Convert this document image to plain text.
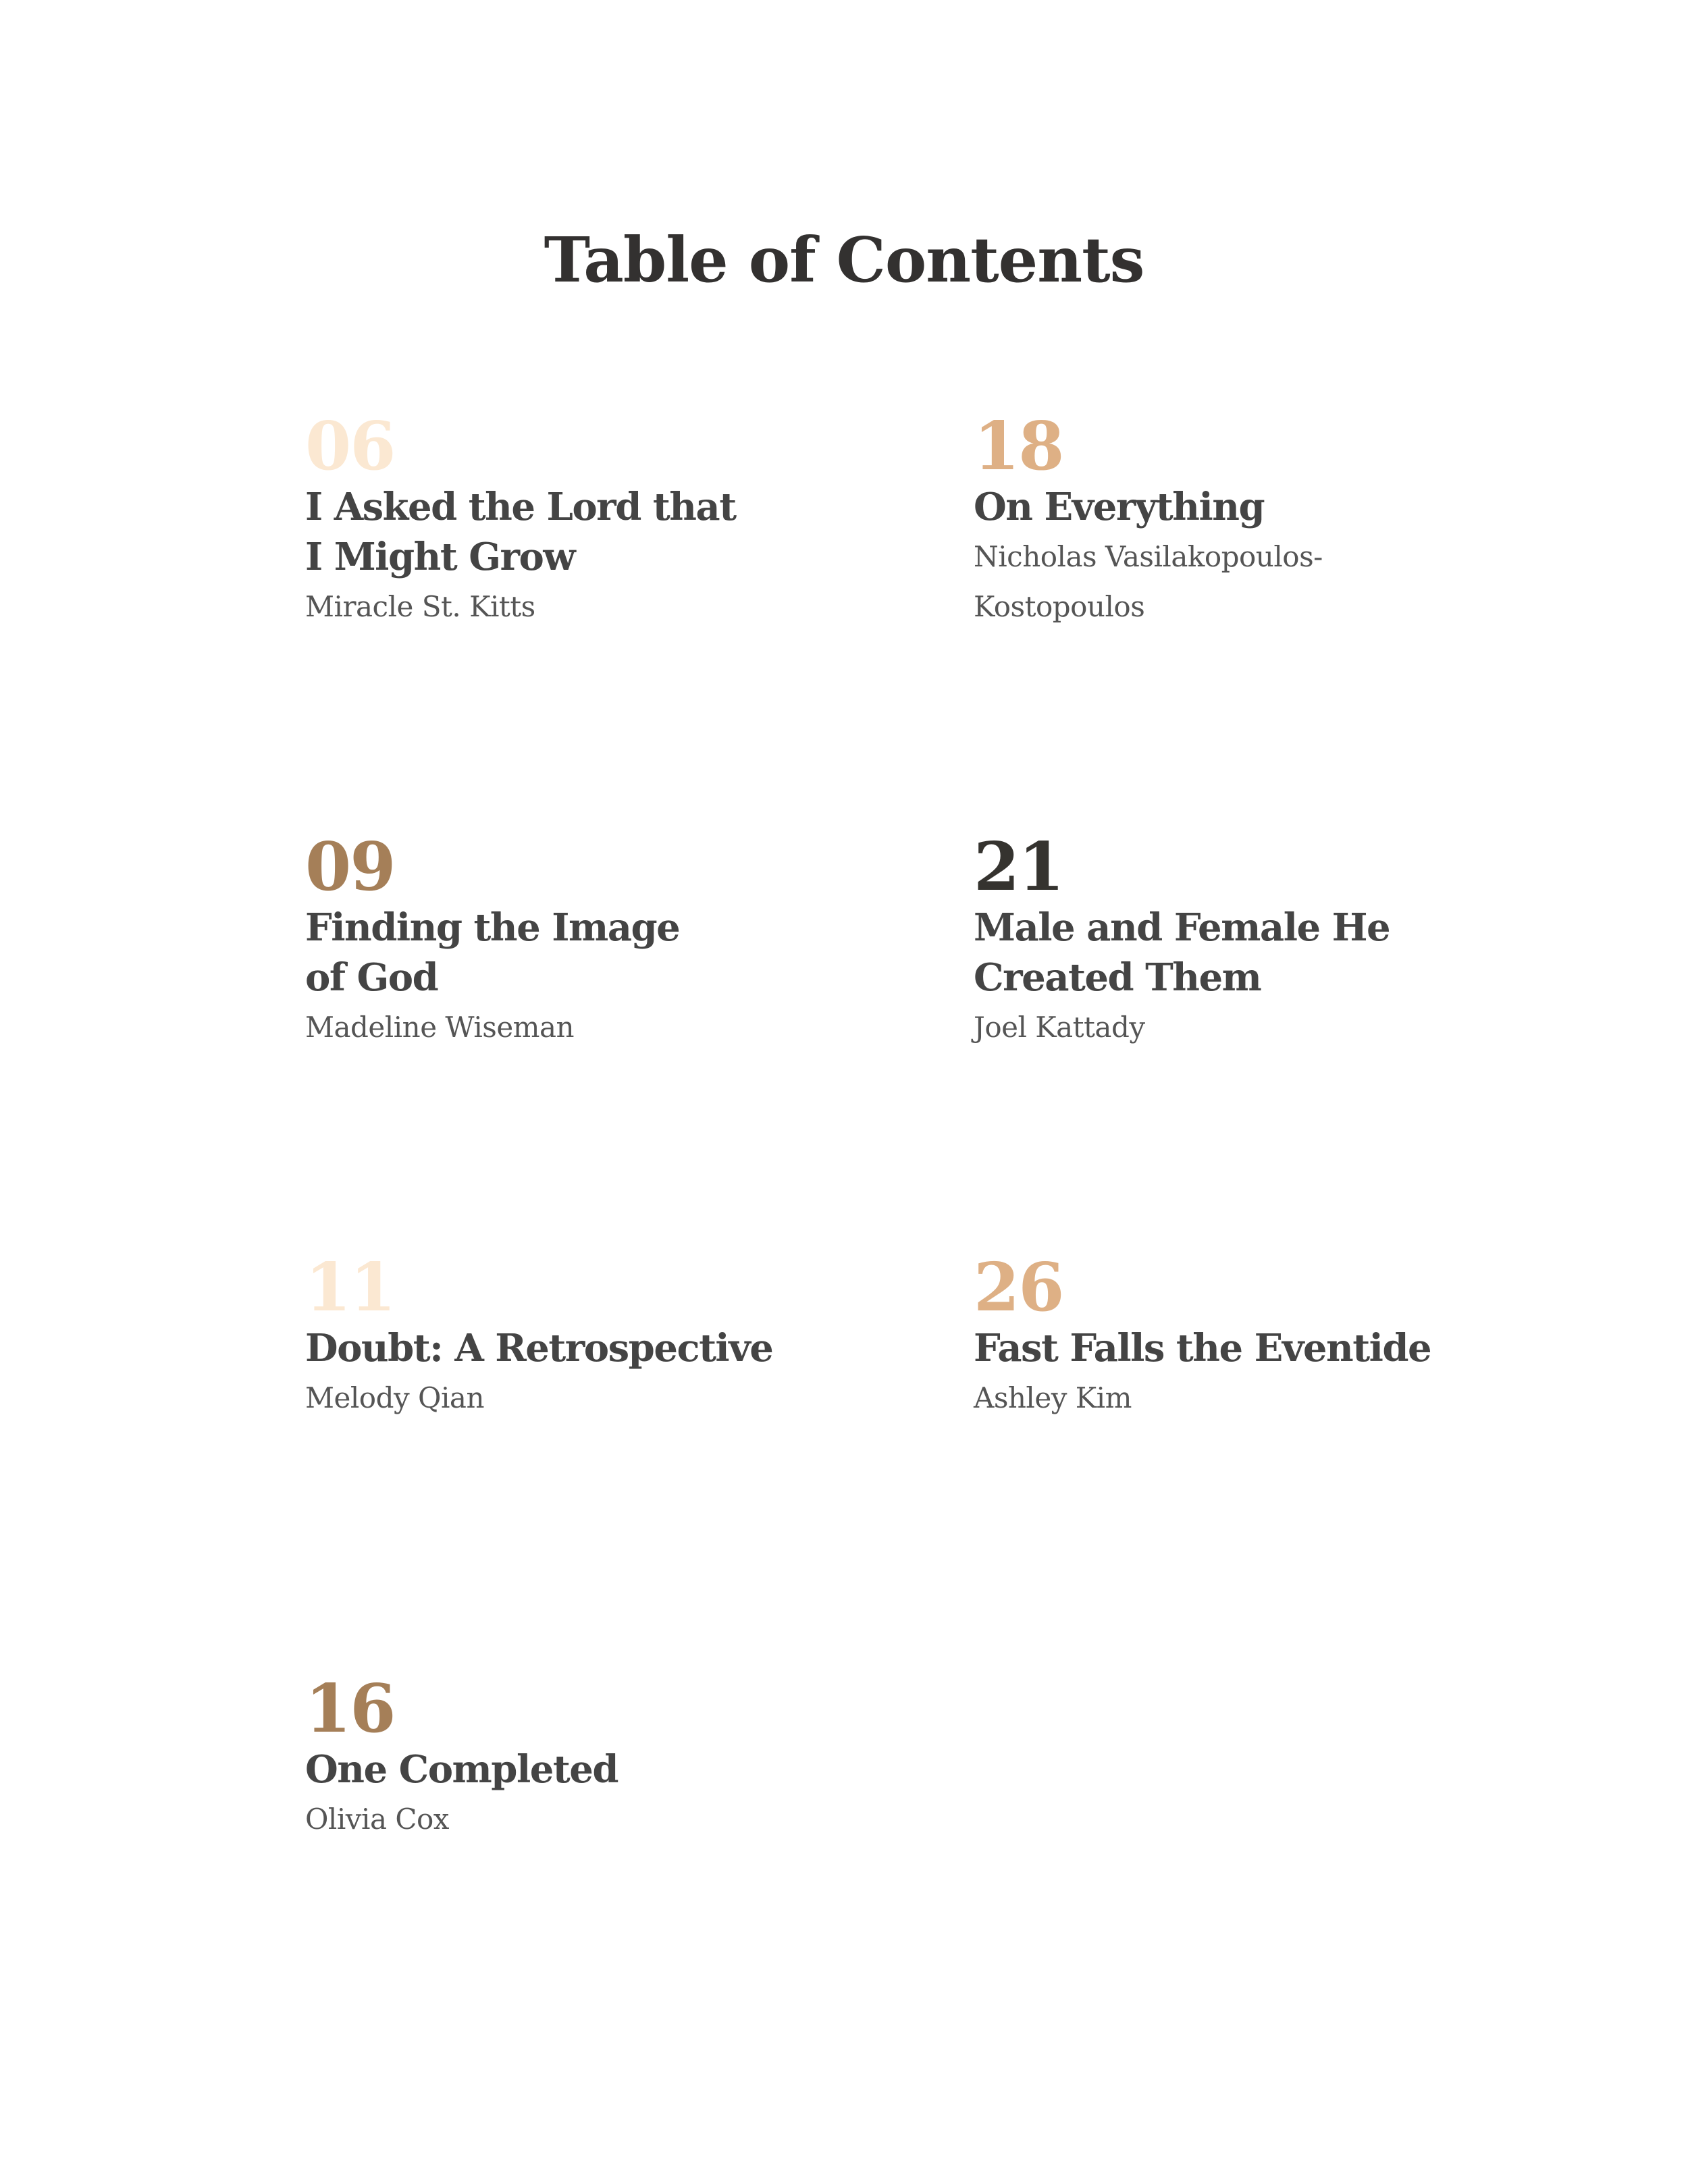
Table of Contents
06
I Asked the Lord that
I Might Grow
Miracle St. Kitts
18
On Everything
Nicholas Vasilakopoulos-
Kostopoulos
09
Finding the Image
of God
Madeline Wiseman
21
Male and Female He
Created Them
Joel Kattady
11
Doubt: A Retrospective
Melody Qian
26
Fast Falls the Eventide
Ashley Kim
16
One Completed
Olivia Cox
